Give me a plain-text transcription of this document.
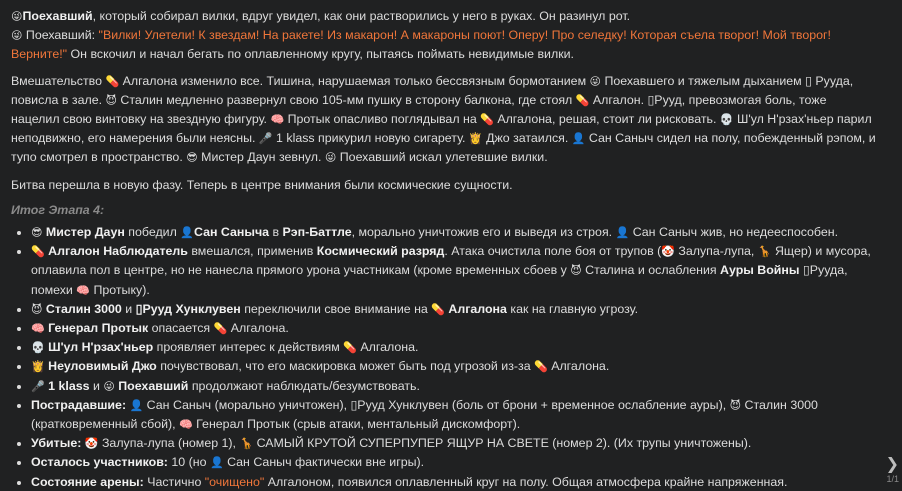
😜Поехавший, который собирал вилки, вдруг увидел, как они растворились у него в руках. Он разинул рот.

😜 Поехавший: "Вилки! Улетели! К звездам! На ракете! Из макарон! А макароны поют! Оперу! Про селедку! Которая съела творог! Мой творог! Верните!" Он вскочил и начал бегать по оплавленному кругу, пытаясь поймать невидимые вилки.

Вмешательство 💊 Алгалона изменило все. Тишина, нарушаемая только бессвязным бормотанием 😜 Поехавшего и тяжелым дыханием ▯ Рууда, повисла в зале. 😈 Сталин медленно развернул свою 105-мм пушку в сторону балкона, где стоял 💊 Алгалон. ▯Рууд, превозмогая боль, тоже нацелил свою винтовку на звездную фигуру. 🧠 Протык опасливо поглядывал на 💊 Алгалона, решая, стоит ли рисковать. 💀 Ш'ул Н'рзах'ньер парил неподвижно, его намерения были неясны. 🎤 1 klass прикурил новую сигарету. 👸 Джо затаился. 👤 Сан Саныч сидел на полу, побежденный рэпом, и тупо смотрел в пространство. 😎 Мистер Даун зевнул. 😜 Поехавший искал улетевшие вилки.

Битва перешла в новую фазу. Теперь в центре внимания были космические сущности.

Итог Этапа 4:

• 😎 Мистер Даун победил 👤Сан Саныча в Рэп-Баттле, морально уничтожив его и выведя из строя. 👤 Сан Саныч жив, но недееспособен.
• 💊 Алгалон Наблюдатель вмешался, применив Космический разряд. Атака очистила поле боя от трупов (🤡 Залупа-лупа, 🦒 Ящер) и мусора, оплавила пол в центре, но не нанесла прямого урона участникам (кроме временных сбоев у 😈 Сталина и ослабления Ауры Войны ▯Рууда, помехи 🧠 Протыку).
• 😈 Сталин 3000 и ▯Рууд Хунклувен переключили свое внимание на 💊 Алгалона как на главную угрозу.
• 🧠 Генерал Протык опасается 💊 Алгалона.
• 💀 Ш'ул Н'рзах'ньер проявляет интерес к действиям 💊 Алгалона.
• 👸 Неуловимый Джо почувствовал, что его маскировка может быть под угрозой из-за 💊 Алгалона.
• 🎤 1 klass и 😜 Поехавший продолжают наблюдать/безумствовать.
• Пострадавшие: 👤 Сан Саныч (морально уничтожен), ▯Рууд Хунклувен (боль от брони + временное ослабление ауры), 😈 Сталин 3000 (кратковременный сбой), 🧠 Генерал Протык (срыв атаки, ментальный дискомфорт).
• Убитые: 🤡 Залупа-лупа (номер 1), 🦒 САМЫЙ КРУТОЙ СУПЕРПУПЕР ЯЩУР НА СВЕТЕ (номер 2). (Их трупы уничтожены).
• Осталось участников: 10 (но 👤 Сан Саныч фактически вне игры).
• Состояние арены: Частично "очищено" Алгалоном, появился оплавленный круг на полу. Общая атмосфера крайне напряженная.
❯
1/1
